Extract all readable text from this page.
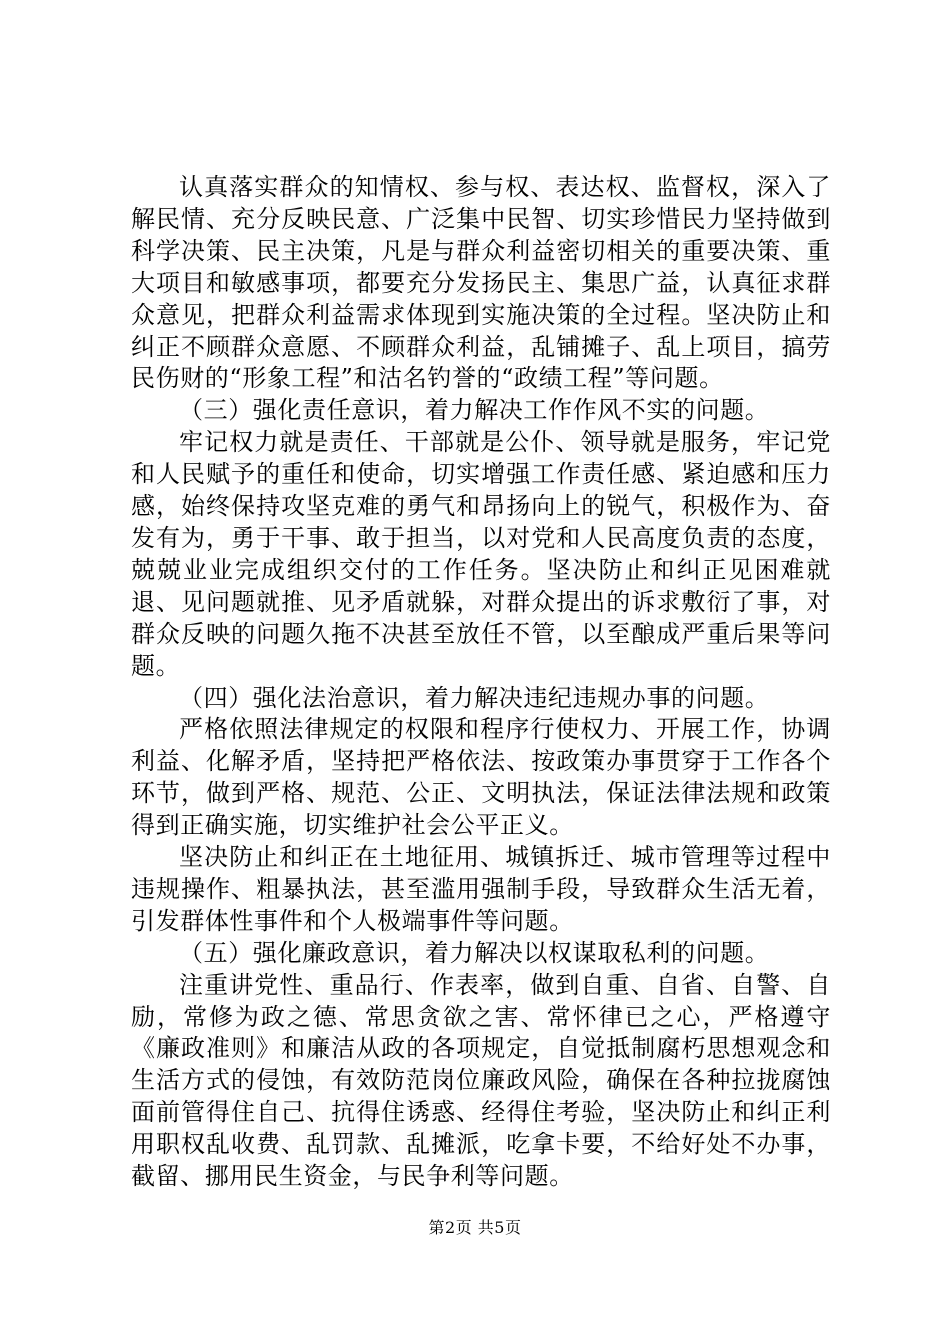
认真落实群众的知情权、参与权、表达权、监督权，深入了解民情、充分反映民意、广泛集中民智、切实珍惜民力坚持做到科学决策、民主决策，凡是与群众利益密切相关的重要决策、重大项目和敏感事项，都要充分发扬民主、集思广益，认真征求群众意见，把群众利益需求体现到实施决策的全过程。坚决防止和纠正不顾群众意愿、不顾群众利益，乱铺摊子、乱上项目，搞劳民伤财的“形象工程”和沽名钓誉的“政绩工程”等问题。

（三）强化责任意识，着力解决工作作风不实的问题。

牢记权力就是责任、干部就是公仆、领导就是服务，牢记党和人民赋予的重任和使命，切实增强工作责任感、紧迫感和压力感，始终保持攻坚克难的勇气和昂扬向上的锐气，积极作为、奋发有为，勇于干事、敢于担当，以对党和人民高度负责的态度，兢兢业业完成组织交付的工作任务。坚决防止和纠正见困难就退、见问题就推、见矛盾就躲，对群众提出的诉求敷衍了事，对群众反映的问题久拖不决甚至放任不管，以至酿成严重后果等问题。

（四）强化法治意识，着力解决违纪违规办事的问题。

严格依照法律规定的权限和程序行使权力、开展工作，协调利益、化解矛盾，坚持把严格依法、按政策办事贯穿于工作各个环节，做到严格、规范、公正、文明执法，保证法律法规和政策得到正确实施，切实维护社会公平正义。

坚决防止和纠正在土地征用、城镇拆迁、城市管理等过程中违规操作、粗暴执法，甚至滥用强制手段，导致群众生活无着，引发群体性事件和个人极端事件等问题。

（五）强化廉政意识，着力解决以权谋取私利的问题。

注重讲党性、重品行、作表率，做到自重、自省、自警、自励，常修为政之德、常思贪欲之害、常怀律已之心，严格遵守《廉政准则》和廉洁从政的各项规定，自觉抵制腐朽思想观念和生活方式的侵蚀，有效防范岗位廉政风险，确保在各种拉拢腐蚀面前管得住自己、抗得住诱惑、经得住考验，坚决防止和纠正利用职权乱收费、乱罚款、乱摊派，吃拿卡要，不给好处不办事，截留、挪用民生资金，与民争利等问题。

第2页 共5页
